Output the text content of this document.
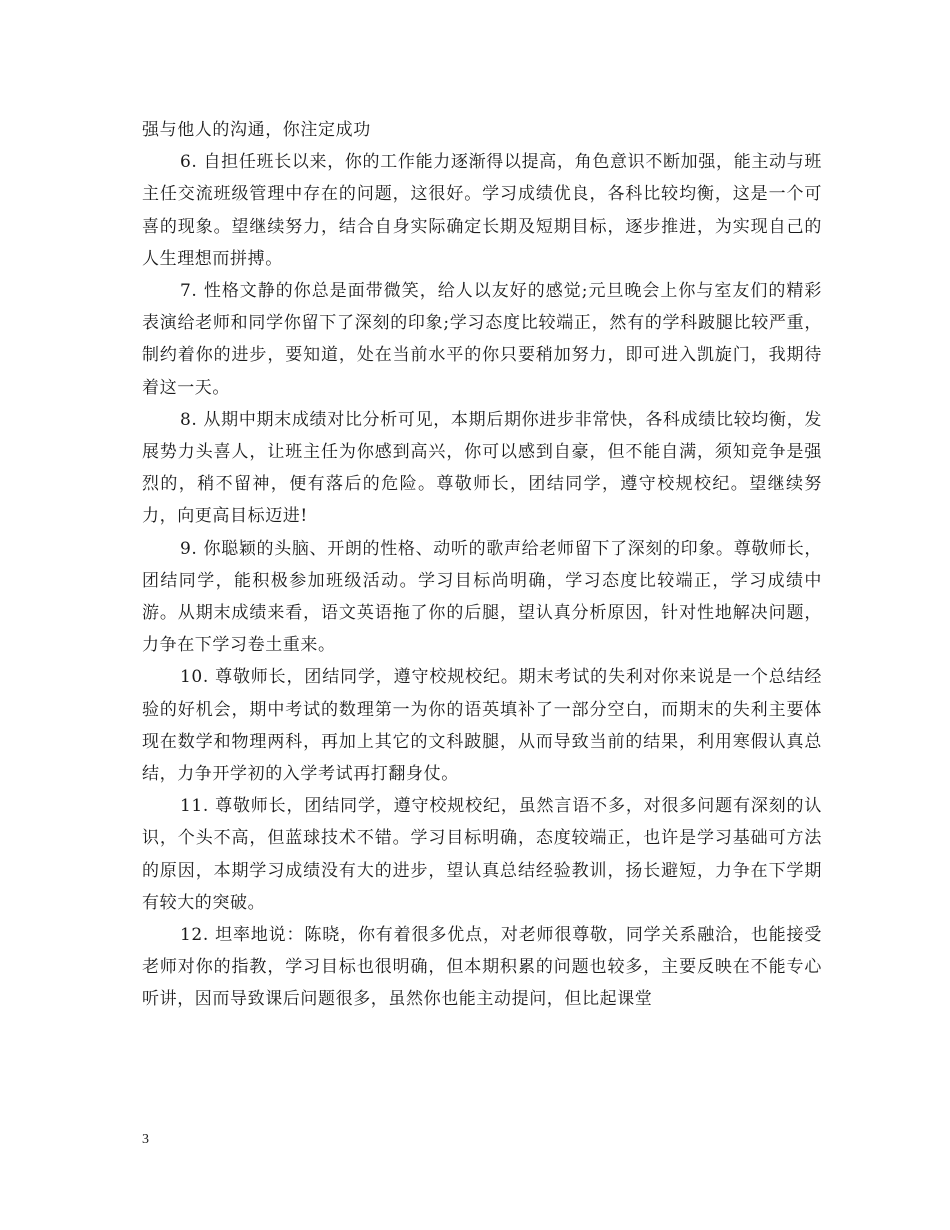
强与他人的沟通，你注定成功

6. 自担任班长以来，你的工作能力逐渐得以提高，角色意识不断加强，能主动与班主任交流班级管理中存在的问题，这很好。学习成绩优良，各科比较均衡，这是一个可喜的现象。望继续努力，结合自身实际确定长期及短期目标，逐步推进，为实现自己的人生理想而拼搏。

7. 性格文静的你总是面带微笑，给人以友好的感觉;元旦晚会上你与室友们的精彩表演给老师和同学你留下了深刻的印象;学习态度比较端正，然有的学科跛腿比较严重，制约着你的进步，要知道，处在当前水平的你只要稍加努力，即可进入凯旋门，我期待着这一天。

8. 从期中期末成绩对比分析可见，本期后期你进步非常快，各科成绩比较均衡，发展势力头喜人，让班主任为你感到高兴，你可以感到自豪，但不能自满，须知竞争是强烈的，稍不留神，便有落后的危险。尊敬师长，团结同学，遵守校规校纪。望继续努力，向更高目标迈进!

9. 你聪颖的头脑、开朗的性格、动听的歌声给老师留下了深刻的印象。尊敬师长，团结同学，能积极参加班级活动。学习目标尚明确，学习态度比较端正，学习成绩中游。从期末成绩来看，语文英语拖了你的后腿，望认真分析原因，针对性地解决问题，力争在下学习卷土重来。

10. 尊敬师长，团结同学，遵守校规校纪。期末考试的失利对你来说是一个总结经验的好机会，期中考试的数理第一为你的语英填补了一部分空白，而期末的失利主要体现在数学和物理两科，再加上其它的文科跛腿，从而导致当前的结果，利用寒假认真总结，力争开学初的入学考试再打翻身仗。

11. 尊敬师长，团结同学，遵守校规校纪，虽然言语不多，对很多问题有深刻的认识，个头不高，但蓝球技术不错。学习目标明确，态度较端正，也许是学习基础可方法的原因，本期学习成绩没有大的进步，望认真总结经验教训，扬长避短，力争在下学期有较大的突破。

12. 坦率地说：陈晓，你有着很多优点，对老师很尊敬，同学关系融洽，也能接受老师对你的指教，学习目标也很明确，但本期积累的问题也较多，主要反映在不能专心听讲，因而导致课后问题很多，虽然你也能主动提问，但比起课堂

3
